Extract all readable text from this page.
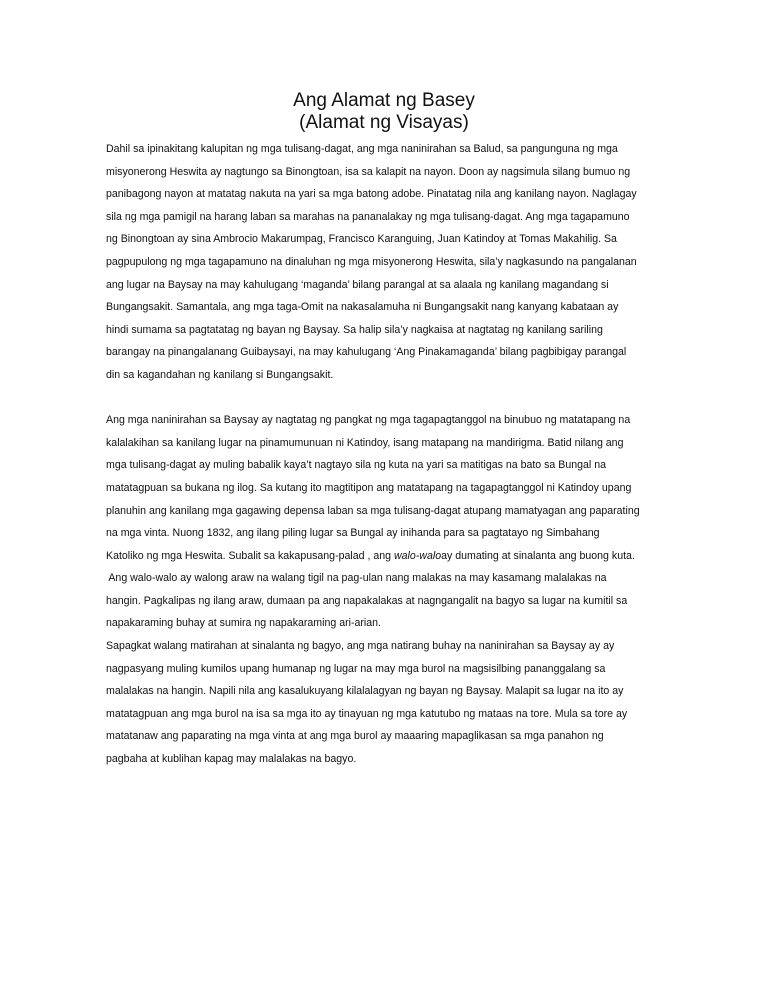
Ang Alamat ng Basey
(Alamat ng Visayas)
Dahil sa ipinakitang kalupitan ng mga tulisang-dagat, ang mga naninirahan sa Balud, sa pangunguna ng mga
misyonerong Heswita ay nagtungo sa Binongtoan, isa sa kalapit na nayon. Doon ay nagsimula silang bumuo ng
panibagong nayon at matatag nakuta na yari sa mga batong adobe. Pinatatag nila ang kanilang nayon. Naglagay
sila ng mga pamigil na harang laban sa marahas na pananalakay ng mga tulisang-dagat. Ang mga tagapamuno
ng Binongtoan ay sina Ambrocio Makarumpag, Francisco Karanguing, Juan Katindoy at Tomas Makahilig. Sa
pagpupulong ng mga tagapamuno na dinaluhan ng mga misyonerong Heswita, sila’y nagkasundo na pangalanan
ang lugar na Baysay na may kahulugang ‘maganda’ bilang parangal at sa alaala ng kanilang magandang si
Bungangsakit. Samantala, ang mga taga-Omit na nakasalamuha ni Bungangsakit nang kanyang kabataan ay
hindi sumama sa pagtatatag ng bayan ng Baysay. Sa halip sila’y nagkaisa at nagtatag ng kanilang sariling
barangay na pinangalanang Guibaysayi, na may kahulugang ‘Ang Pinakamaganda’ bilang pagbibigay parangal
din sa kagandahan ng kanilang si Bungangsakit.
Ang mga naninirahan sa Baysay ay nagtatag ng pangkat ng mga tagapagtanggol na binubuo ng matatapang na
kalalakihan sa kanilang lugar na pinamumunuan ni Katindoy, isang matapang na mandirigma. Batid nilang ang
mga tulisang-dagat ay muling babalik kaya’t nagtayo sila ng kuta na yari sa matitigas na bato sa Bungal na
matatagpuan sa bukana ng ilog. Sa kutang ito magtitipon ang matatapang na tagapagtanggol ni Katindoy upang
planuhin ang kanilang mga gagawing depensa laban sa mga tulisang-dagat atupang mamatyagan ang paparating
na mga vinta. Nuong 1832, ang ilang piling lugar sa Bungal ay inihanda para sa pagtatayo ng Simbahang
Katoliko ng mga Heswita. Subalit sa kakapusang-palad , ang walo-waloay dumating at sinalanta ang buong kuta.
Ang walo-walo ay walong araw na walang tigil na pag-ulan nang malakas na may kasamang malalakas na
hangin. Pagkalipas ng ilang araw, dumaan pa ang napakalakas at nagngangalit na bagyo sa lugar na kumitil sa
napakaraming buhay at sumira ng napakaraming ari-arian.
Sapagkat walang matirahan at sinalanta ng bagyo, ang mga natirang buhay na naninirahan sa Baysay ay ay
nagpasyang muling kumilos upang humanap ng lugar na may mga burol na magsisilbing pananggalang sa
malalakas na hangin. Napili nila ang kasalukuyang kilalalagyan ng bayan ng Baysay. Malapit sa lugar na ito ay
matatagpuan ang mga burol na isa sa mga ito ay tinayuan ng mga katutubo ng mataas na tore. Mula sa tore ay
matatanaw ang paparating na mga vinta at ang mga burol ay maaaring mapaglikasan sa mga panahon ng
pagbaha at kublihan kapag may malalakas na bagyo.
